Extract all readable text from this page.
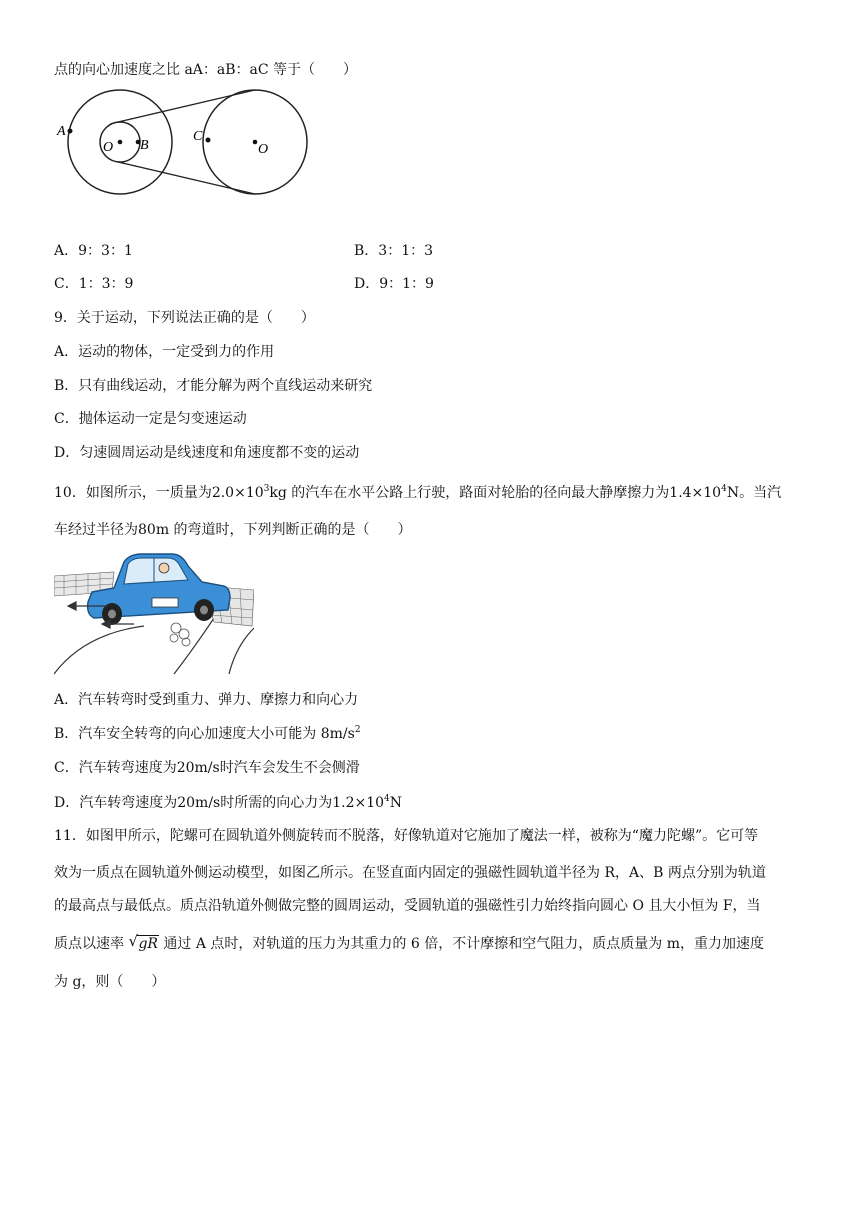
点的向心加速度之比 aA：aB：aC 等于（　　）
A
O B
C
O
A．9：3：1	B．3：1：3
C．1：3：9	D．9：1：9
9．关于运动，下列说法正确的是（　　）
A．运动的物体，一定受到力的作用
B．只有曲线运动，才能分解为两个直线运动来研究
C．抛体运动一定是匀变速运动
D．匀速圆周运动是线速度和角速度都不变的运动
10．如图所示，一质量为$2.0\times 10^3kg$ 的汽车在水平公路上行驶，路面对轮胎的径向最大静摩擦力为$1.4\times 10^4N$。当汽
车经过半径为80m 的弯道时，下列判断正确的是（　　）
A．汽车转弯时受到重力、弹力、摩擦力和向心力
B．汽车安全转弯的向心加速度大小可能为 $8m/s^2$
C．汽车转弯速度为20m/s时汽车会发生不会侧滑
D．汽车转弯速度为20m/s时所需的向心力为$1.2\times 10^4N$
11．如图甲所示，陀螺可在圆轨道外侧旋转而不脱落，好像轨道对它施加了魔法一样，被称为“魔力陀螺”。它可等
效为一质点在圆轨道外侧运动模型，如图乙所示。在竖直面内固定的强磁性圆轨道半径为 R，A、B 两点分别为轨道
的最高点与最低点。质点沿轨道外侧做完整的圆周运动，受圆轨道的强磁性引力始终指向圆心 O 且大小恒为 F，当
质点以速率 √ gR 通过 A 点时，对轨道的压力为其重力的 6 倍，不计摩擦和空气阻力，质点质量为 m，重力加速度
为 g，则（　　）
